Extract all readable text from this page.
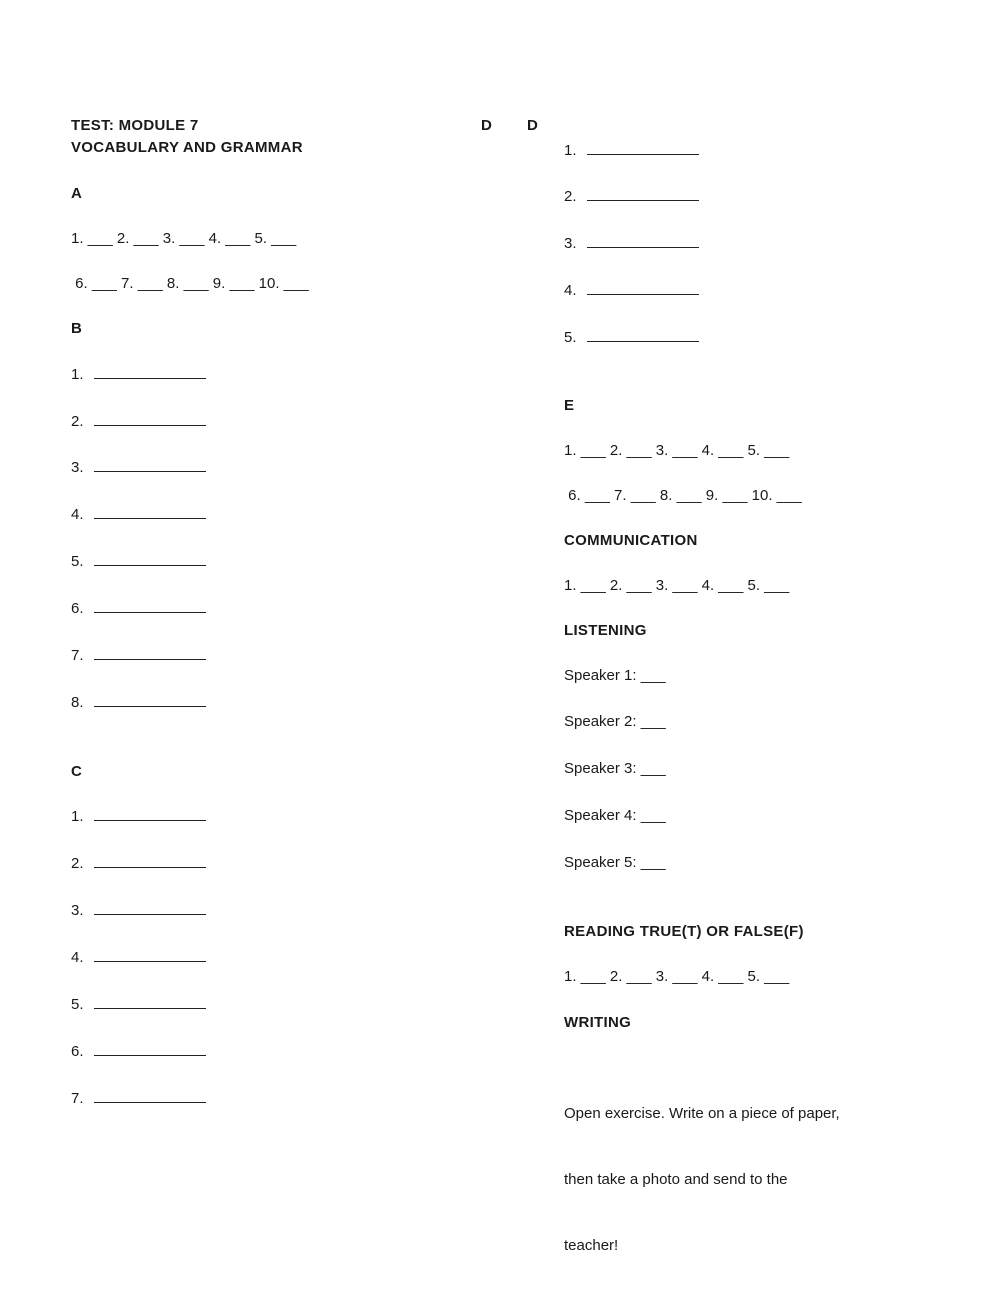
TEST: MODULE 7
VOCABULARY AND GRAMMAR
D D
A
1. ___ 2. ___ 3. ___ 4. ___ 5. ___
6. ___ 7. ___ 8. ___ 9. ___ 10. ___
B
1.
2.
3.
4.
5.
6.
7.
8.
C
1.
2.
3.
4.
5.
6.
7.
1.
2.
3.
4.
5.
E
1. ___ 2. ___ 3. ___ 4. ___ 5. ___
6. ___ 7. ___ 8. ___ 9. ___ 10. ___
COMMUNICATION
1. ___ 2. ___ 3. ___ 4. ___ 5. ___
LISTENING
Speaker 1: ___
Speaker 2: ___
Speaker 3: ___
Speaker 4: ___
Speaker 5: ___
READING TRUE(T) OR FALSE(F)
1. ___ 2. ___ 3. ___ 4. ___ 5. ___
WRITING

Open exercise. Write on a piece of paper,

then take a photo and send to the

teacher!
